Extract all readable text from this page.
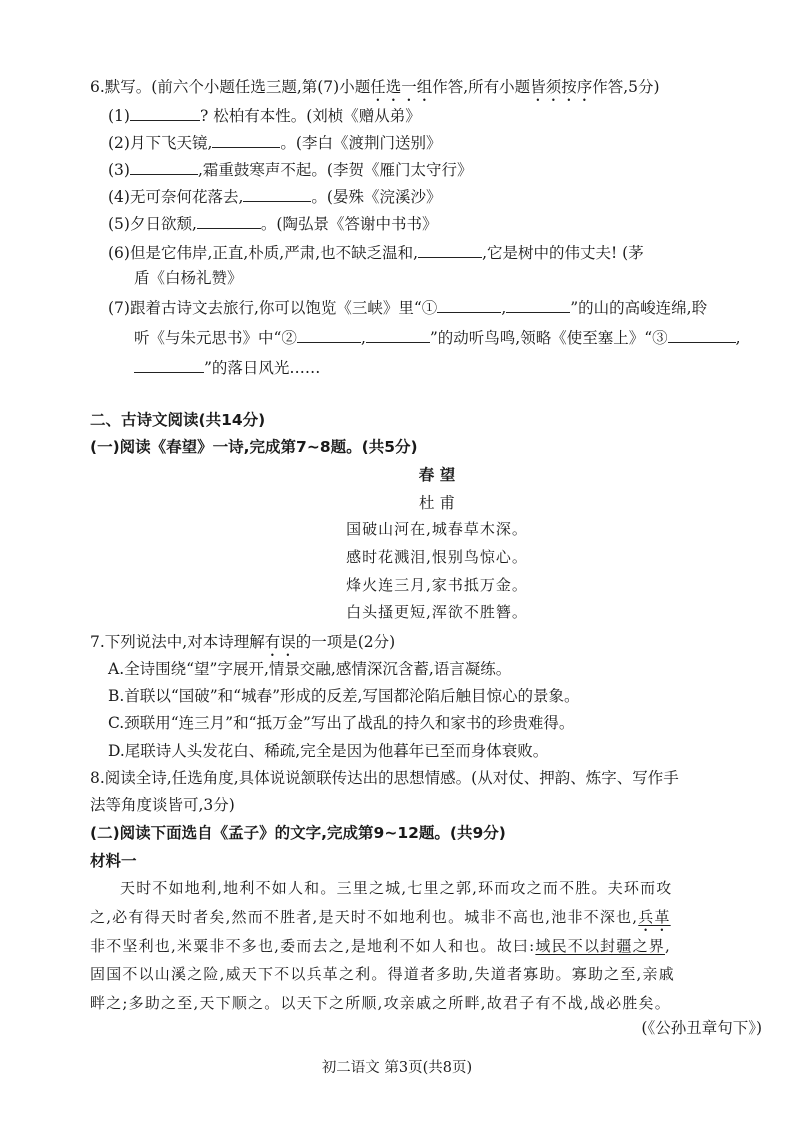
6.默写。(前六个小题任选三题,第(7)小题任选一组作答,所有小题皆须按序作答,5分)
(1)	? 松柏有本性。(刘桢《赠从弟》
(2)月下飞天镜,	。(李白《渡荆门送别》
(3)	,霜重鼓寒声不起。(李贺《雁门太守行》
(4)无可奈何花落去,	。(晏殊《浣溪沙》
(5)夕日欲颓,	。(陶弘景《答谢中书书》
(6)但是它伟岸,正直,朴质,严肃,也不缺乏温和,	,它是树中的伟丈夫! (茅
盾《白杨礼赞》
(7)跟着古诗文去旅行,你可以饱览《三峡》里“①	,	”的山的高峻连绵,聆
听《与朱元思书》中“②	,	”的动听鸟鸣,领略《使至塞上》“③	,
”的落日风光……
二、古诗文阅读(共14分)
(一)阅读《春望》一诗,完成第7~8题。(共5分)
春 望
杜 甫
国破山河在,城春草木深。
感时花溅泪,恨别鸟惊心。
烽火连三月,家书抵万金。
白头搔更短,浑欲不胜簪。
7.下列说法中,对本诗理解有误的一项是(2分)
A.全诗围绕“望”字展开,情景交融,感情深沉含蓄,语言凝练。
B.首联以“国破”和“城春”形成的反差,写国都沦陷后触目惊心的景象。
C.颈联用“连三月”和“抵万金”写出了战乱的持久和家书的珍贵难得。
D.尾联诗人头发花白、稀疏,完全是因为他暮年已至而身体衰败。
8.阅读全诗,任选角度,具体说说颔联传达出的思想情感。(从对仗、押韵、炼字、写作手
法等角度谈皆可,3分)
(二)阅读下面选自《孟子》的文字,完成第9~12题。(共9分)
材料一
天时不如地利,地利不如人和。三里之城,七里之郭,环而攻之而不胜。夫环而攻
之,必有得天时者矣,然而不胜者,是天时不如地利也。城非不高也,池非不深也,兵革
非不坚利也,米粟非不多也,委而去之,是地利不如人和也。故曰:域民不以封疆之界,
固国不以山溪之险,威天下不以兵革之利。得道者多助,失道者寡助。寡助之至,亲戚
畔之;多助之至,天下顺之。以天下之所顺,攻亲戚之所畔,故君子有不战,战必胜矣。
(《公孙丑章句下》)
初二语文 第3页(共8页)
